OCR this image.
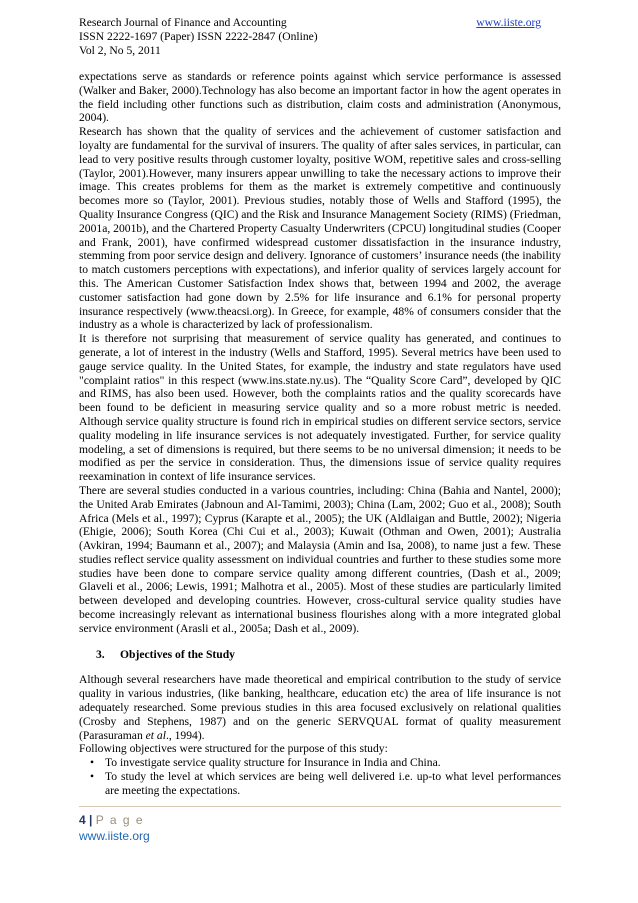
Research Journal of Finance and Accounting	www.iiste.org
ISSN 2222-1697 (Paper) ISSN 2222-2847 (Online)
Vol 2, No 5, 2011

expectations serve as standards or reference points against which service performance is assessed (Walker and Baker, 2000).Technology has also become an important factor in how the agent operates in the field including other functions such as distribution, claim costs and administration (Anonymous, 2004).

Research has shown that the quality of services and the achievement of customer satisfaction and loyalty are fundamental for the survival of insurers. The quality of after sales services, in particular, can lead to very positive results through customer loyalty, positive WOM, repetitive sales and cross-selling (Taylor, 2001).However, many insurers appear unwilling to take the necessary actions to improve their image. This creates problems for them as the market is extremely competitive and continuously becomes more so (Taylor, 2001). Previous studies, notably those of Wells and Stafford (1995), the Quality Insurance Congress (QIC) and the Risk and Insurance Management Society (RIMS) (Friedman, 2001a, 2001b), and the Chartered Property Casualty Underwriters (CPCU) longitudinal studies (Cooper and Frank, 2001), have confirmed widespread customer dissatisfaction in the insurance industry, stemming from poor service design and delivery. Ignorance of customers’ insurance needs (the inability to match customers perceptions with expectations), and inferior quality of services largely account for this. The American Customer Satisfaction Index shows that, between 1994 and 2002, the average customer satisfaction had gone down by 2.5% for life insurance and 6.1% for personal property insurance respectively (www.theacsi.org). In Greece, for example, 48% of consumers consider that the industry as a whole is characterized by lack of professionalism.

It is therefore not surprising that measurement of service quality has generated, and continues to generate, a lot of interest in the industry (Wells and Stafford, 1995). Several metrics have been used to gauge service quality. In the United States, for example, the industry and state regulators have used "complaint ratios" in this respect (www.ins.state.ny.us). The “Quality Score Card”, developed by QIC and RIMS, has also been used. However, both the complaints ratios and the quality scorecards have been found to be deficient in measuring service quality and so a more robust metric is needed. Although service quality structure is found rich in empirical studies on different service sectors, service quality modeling in life insurance services is not adequately investigated. Further, for service quality modeling, a set of dimensions is required, but there seems to be no universal dimension; it needs to be modified as per the service in consideration. Thus, the dimensions issue of service quality requires reexamination in context of life insurance services.

There are several studies conducted in a various countries, including: China (Bahia and Nantel, 2000); the United Arab Emirates (Jabnoun and Al-Tamimi, 2003); China (Lam, 2002; Guo et al., 2008); South Africa (Mels et al., 1997); Cyprus (Karapte et al., 2005); the UK (Aldlaigan and Buttle, 2002); Nigeria (Ehigie, 2006); South Korea (Chi Cui et al., 2003); Kuwait (Othman and Owen, 2001); Australia (Avkiran, 1994; Baumann et al., 2007); and Malaysia (Amin and Isa, 2008), to name just a few. These studies reflect service quality assessment on individual countries and further to these studies some more studies have been done to compare service quality among different countries, (Dash et al., 2009; Glaveli et al., 2006; Lewis, 1991; Malhotra et al., 2005). Most of these studies are particularly limited between developed and developing countries. However, cross-cultural service quality studies have become increasingly relevant as international business flourishes along with a more integrated global service environment (Arasli et al., 2005a; Dash et al., 2009).

3. Objectives of the Study

Although several researchers have made theoretical and empirical contribution to the study of service quality in various industries, (like banking, healthcare, education etc) the area of life insurance is not adequately researched. Some previous studies in this area focused exclusively on relational qualities (Crosby and Stephens, 1987) and on the generic SERVQUAL format of quality measurement (Parasuraman et al., 1994).

Following objectives were structured for the purpose of this study:

• To investigate service quality structure for Insurance in India and China.
• To study the level at which services are being well delivered i.e. up-to what level performances are meeting the expectations.
4 | P a g e
www.iiste.org
